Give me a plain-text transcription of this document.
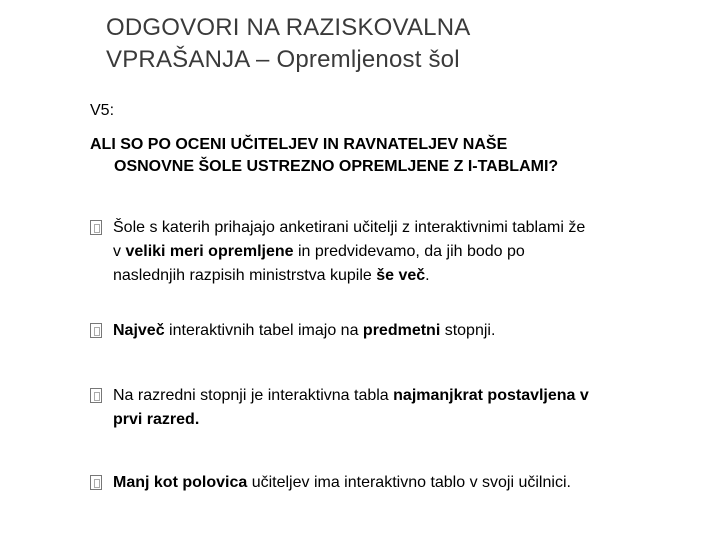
ODGOVORI NA RAZISKOVALNA
VPRAŠANJA – Opremljenost šol
V5:
ALI SO PO OCENI UČITELJEV IN RAVNATELJEV NAŠE
OSNOVNE ŠOLE USTREZNO OPREMLJENE Z I-TABLAMI?
Šole s katerih prihajajo anketirani učitelji z interaktivnimi tablami že
v veliki meri opremljene in predvidevamo, da jih bodo po
naslednjih razpisih ministrstva kupile še več.
Največ interaktivnih tabel imajo na predmetni stopnji.
Na razredni stopnji je interaktivna tabla najmanjkrat postavljena v
prvi razred.
Manj kot polovica učiteljev ima interaktivno tablo v svoji učilnici.
